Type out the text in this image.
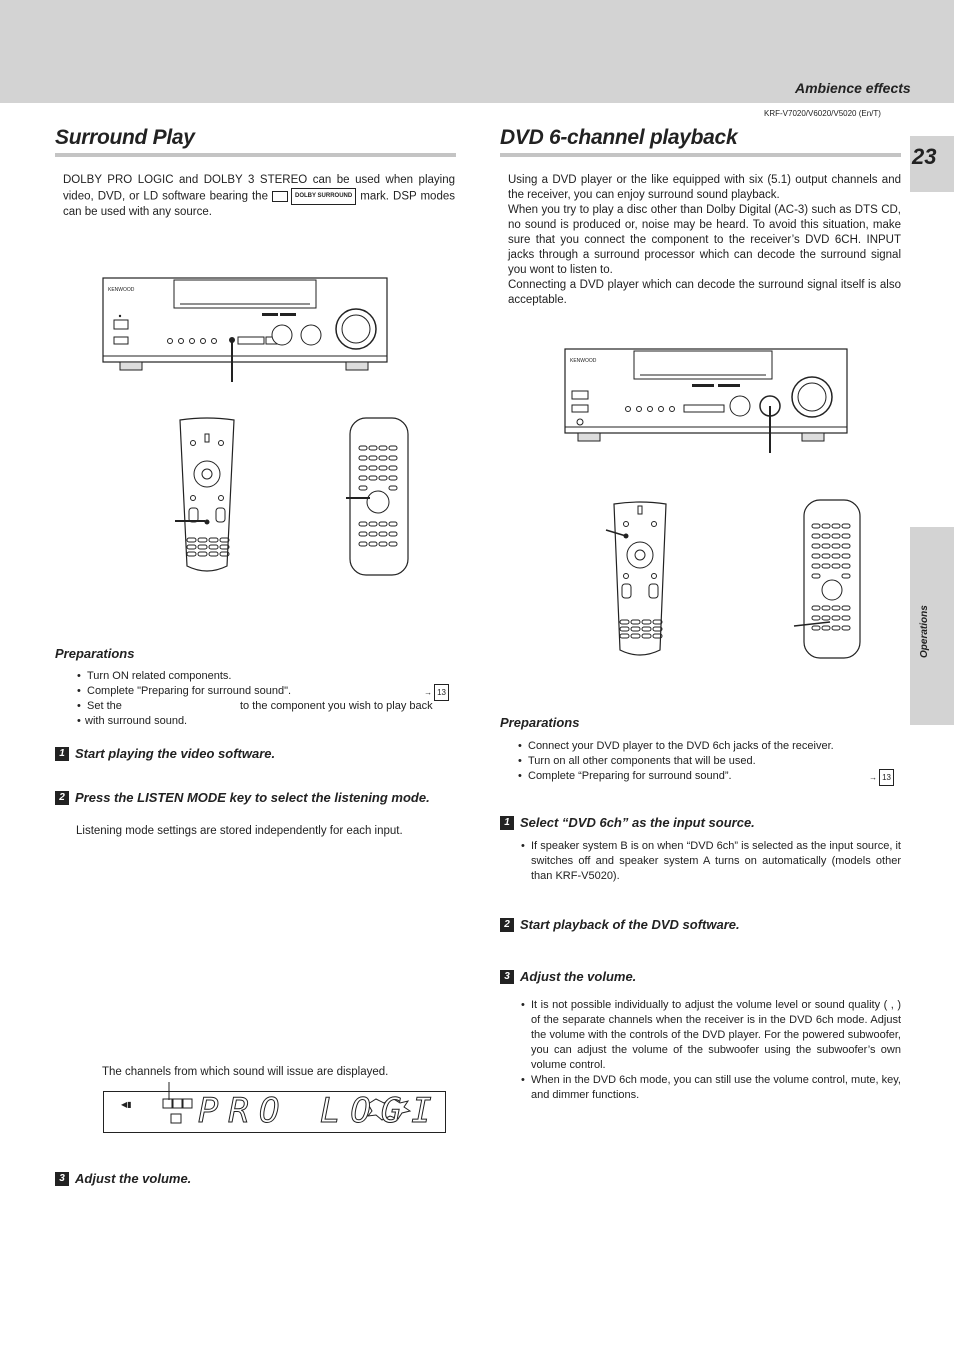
Ambience effects
KRF-V7020/V6020/V5020 (En/T)
23
Operations
Surround Play
DOLBY PRO LOGIC and DOLBY 3 STEREO can be used when playing video, DVD, or LD software bearing the	DOLBY SURROUND mark. DSP modes can be used with any source.
KENWOOD
Preparations
• Turn ON related components.
• Complete "Preparing for surround sound".	→ 13
• Set the	to the component you wish to play back
• with surround sound.
1 Start playing the video software.
2 Press the LISTEN MODE key to select the listening mode.
Listening mode settings are stored independently for each input.
The channels from which sound will issue are displayed.
◀▮ PRO LOGI
3 Adjust the volume.
DVD 6-channel playback
Using a DVD player or the like equipped with six (5.1) output channels and the receiver, you can enjoy surround sound playback.
When you try to play a disc other than Dolby Digital (AC-3) such as DTS CD, no sound is produced or, noise may be heard. To avoid this situation, make sure that you connect the component to the receiver’s DVD 6CH. INPUT jacks through a surround processor which can decode the surround signal you wont to listen to.
Connecting a DVD player which can decode the surround signal itself is also acceptable.
KENWOOD
Preparations
• Connect your DVD player to the DVD 6ch jacks of the receiver.
• Turn on all other components that will be used.
• Complete “Preparing for surround sound”.	→ 13
1 Select “DVD 6ch” as the input source.
• If speaker system B is on when “DVD 6ch” is selected as the input source, it switches off and speaker system A turns on automatically (models other than KRF-V5020).
2 Start playback of the DVD software.
3 Adjust the volume.
• It is not possible individually to adjust the volume level or sound quality ( , ) of the separate channels when the receiver is in the DVD 6ch mode. Adjust the volume with the controls of the DVD player. For the powered subwoofer, you can adjust the volume of the subwoofer using the subwoofer’s own volume control.
• When in the DVD 6ch mode, you can still use the volume control, mute, key, and dimmer functions.
